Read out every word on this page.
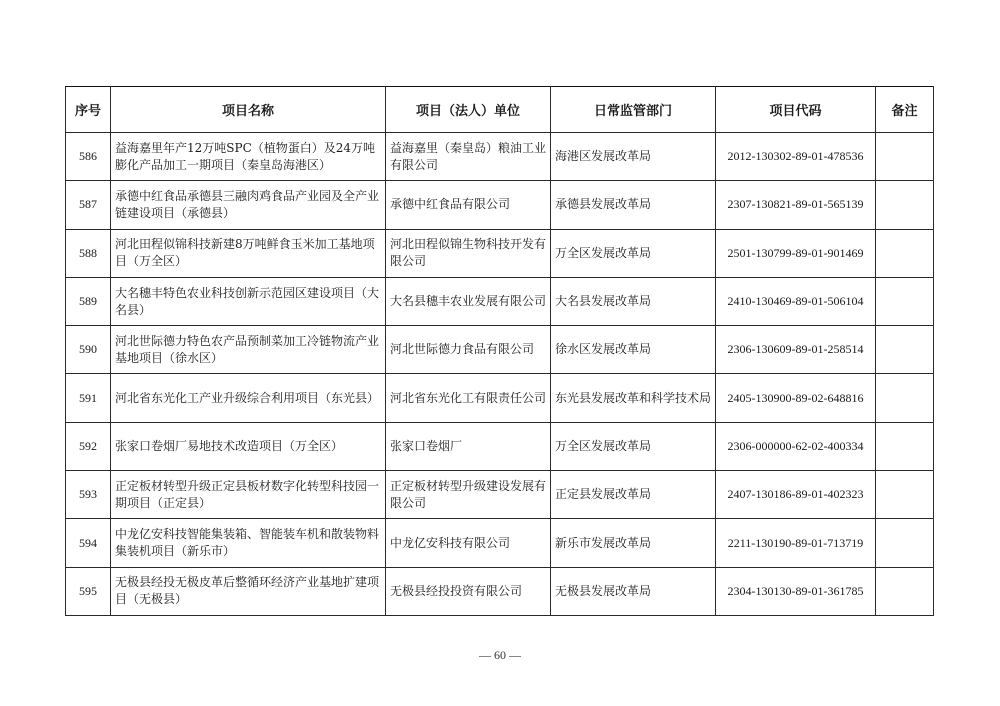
序号	项目名称	项目（法人）单位	日常监管部门	项目代码	备注
586	益海嘉里年产12万吨SPC（植物蛋白）及24万吨膨化产品加工一期项目（秦皇岛海港区）	益海嘉里（秦皇岛）粮油工业有限公司	海港区发展改革局	2012-130302-89-01-478536	
587	承德中红食品承德县三融肉鸡食品产业园及全产业链建设项目（承德县）	承德中红食品有限公司	承德县发展改革局	2307-130821-89-01-565139	
588	河北田程似锦科技新建8万吨鲜食玉米加工基地项目（万全区）	河北田程似锦生物科技开发有限公司	万全区发展改革局	2501-130799-89-01-901469	
589	大名穗丰特色农业科技创新示范园区建设项目（大名县）	大名县穗丰农业发展有限公司	大名县发展改革局	2410-130469-89-01-506104	
590	河北世际德力特色农产品预制菜加工冷链物流产业基地项目（徐水区）	河北世际德力食品有限公司	徐水区发展改革局	2306-130609-89-01-258514	
591	河北省东光化工产业升级综合利用项目（东光县）	河北省东光化工有限责任公司	东光县发展改革和科学技术局	2405-130900-89-02-648816	
592	张家口卷烟厂易地技术改造项目（万全区）	张家口卷烟厂	万全区发展改革局	2306-000000-62-02-400334	
593	正定板材转型升级正定县板材数字化转型科技园一期项目（正定县）	正定板材转型升级建设发展有限公司	正定县发展改革局	2407-130186-89-01-402323	
594	中龙亿安科技智能集装箱、智能装车机和散装物料集装机项目（新乐市）	中龙亿安科技有限公司	新乐市发展改革局	2211-130190-89-01-713719	
595	无极县经投无极皮革后整循环经济产业基地扩建项目（无极县）	无极县经投投资有限公司	无极县发展改革局	2304-130130-89-01-361785	
— 60 —
